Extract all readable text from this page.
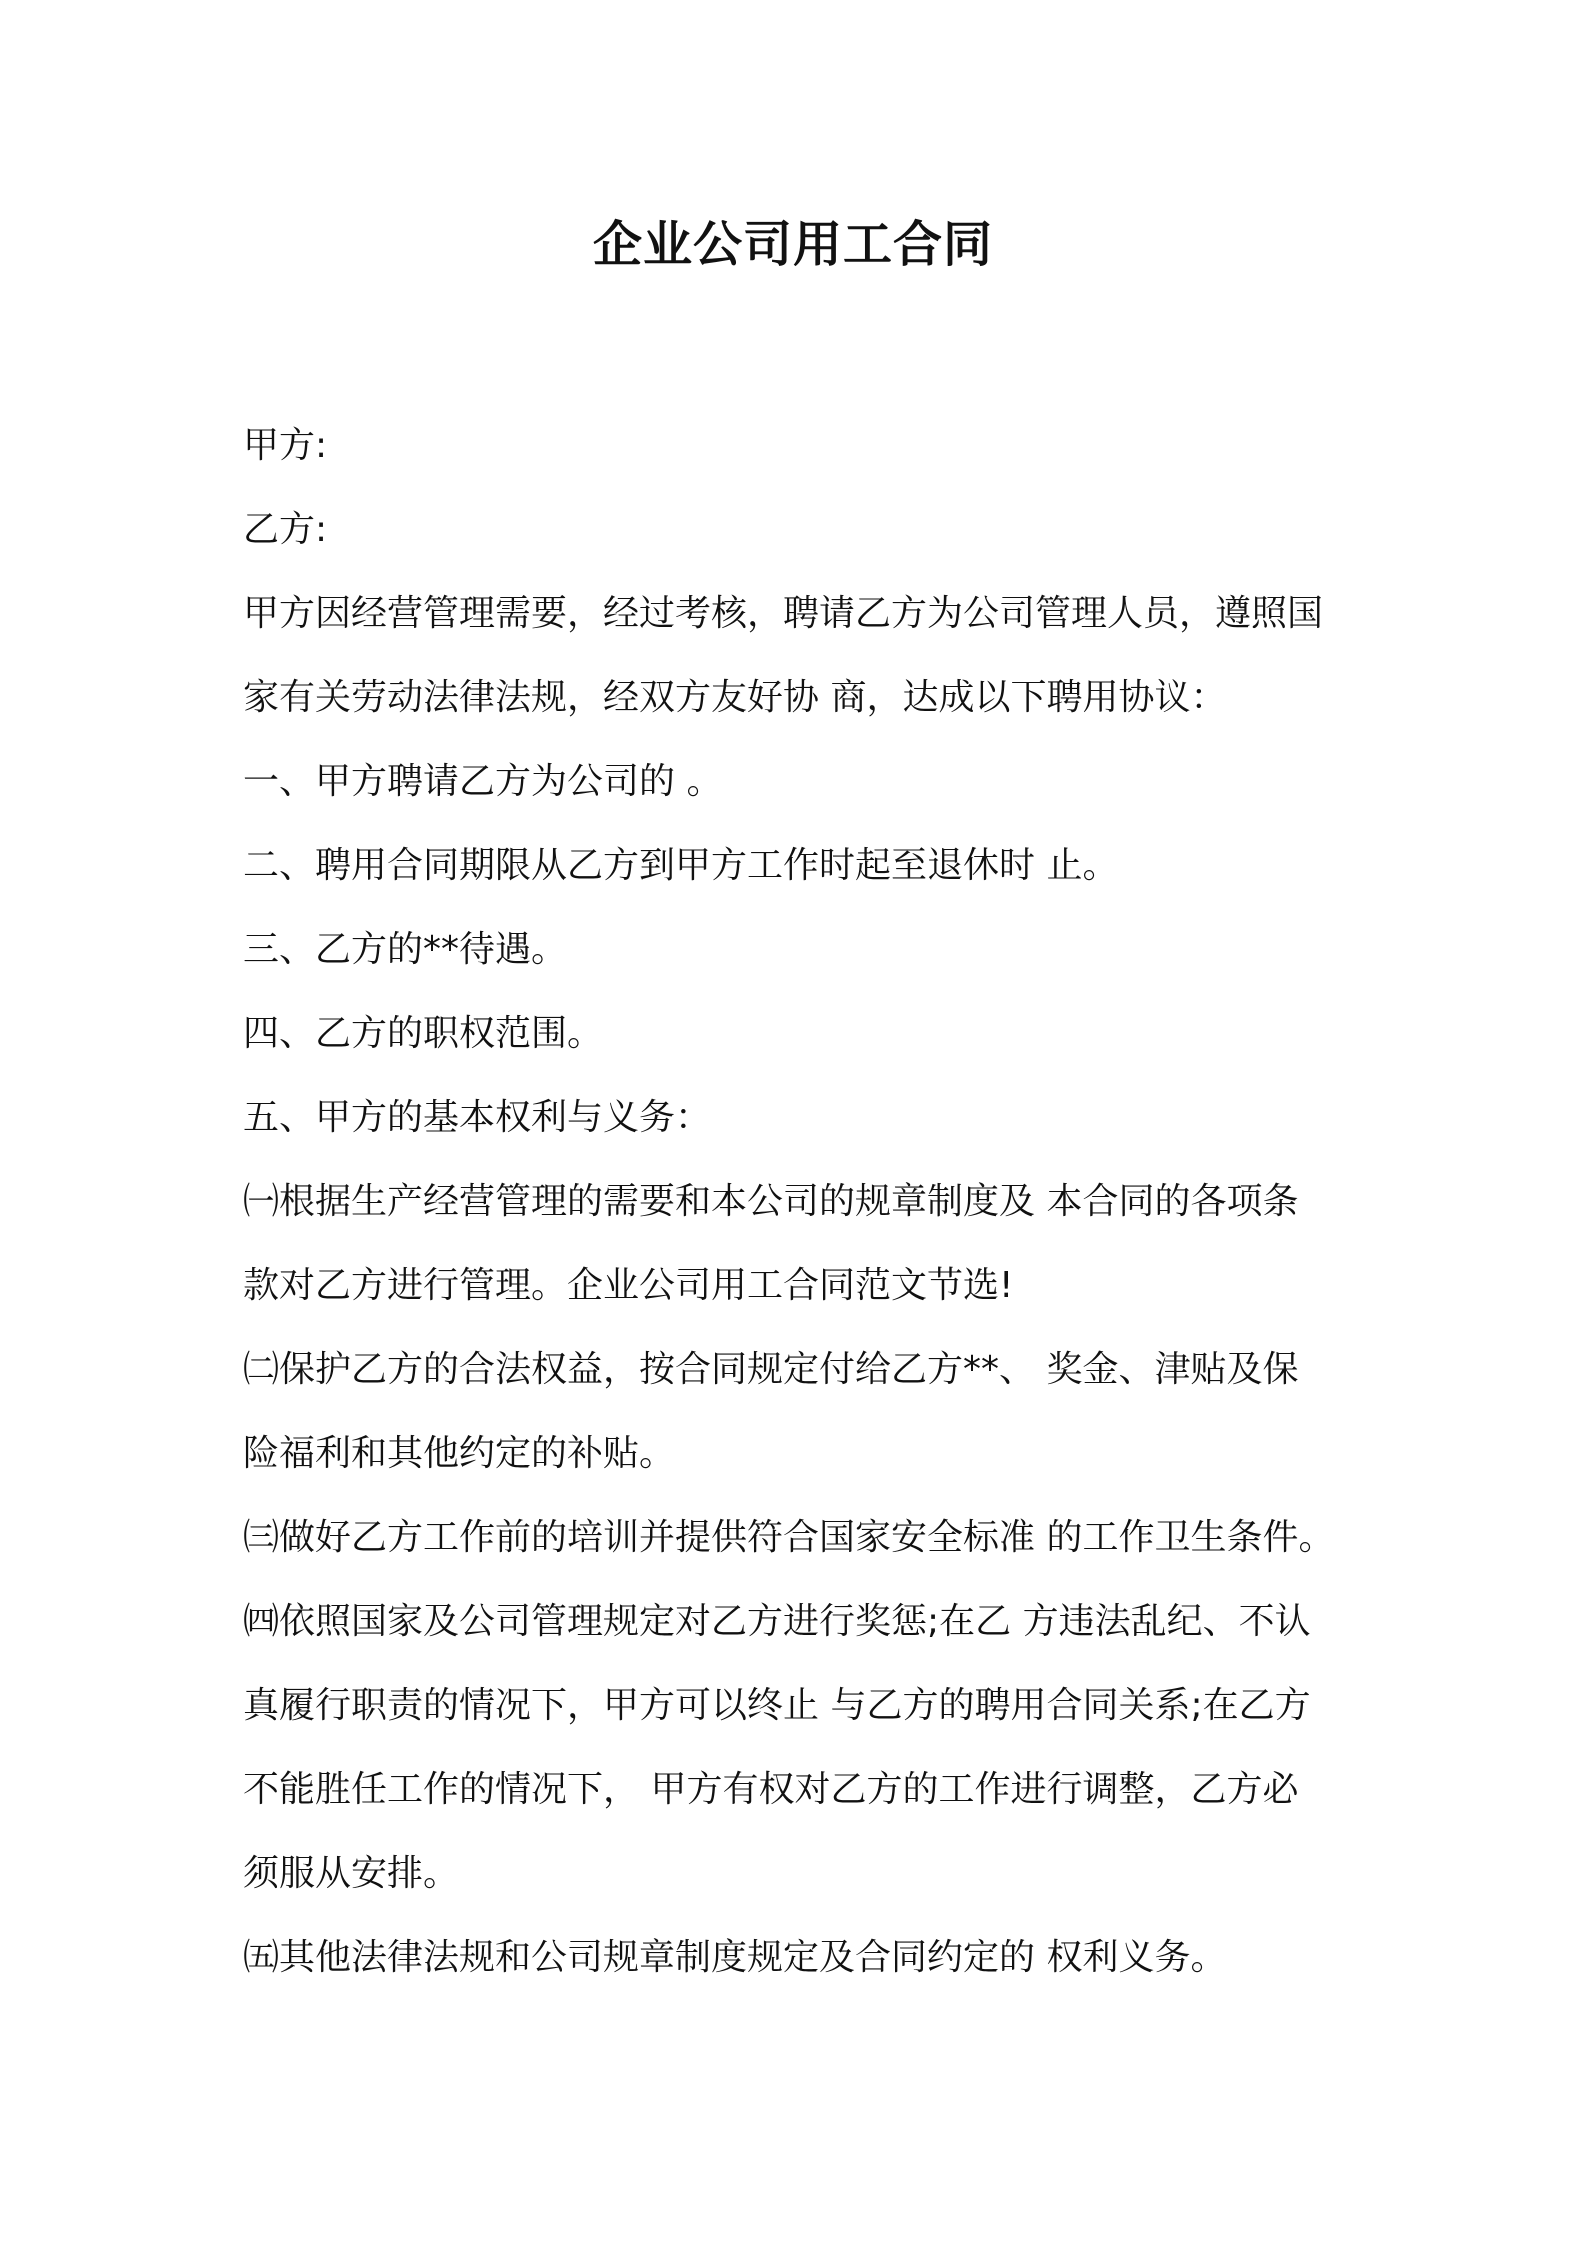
企业公司用工合同

甲方:

乙方:

甲方因经营管理需要，经过考核，聘请乙方为公司管理人员，遵照国

家有关劳动法律法规，经双方友好协 商，达成以下聘用协议：

一、甲方聘请乙方为公司的 。

二、聘用合同期限从乙方到甲方工作时起至退休时 止。

三、乙方的**待遇。

四、乙方的职权范围。

五、甲方的基本权利与义务：

㈠根据生产经营管理的需要和本公司的规章制度及 本合同的各项条

款对乙方进行管理。企业公司用工合同范文节选!

㈡保护乙方的合法权益，按合同规定付给乙方**、 奖金、津贴及保

险福利和其他约定的补贴。

㈢做好乙方工作前的培训并提供符合国家安全标准 的工作卫生条件。

㈣依照国家及公司管理规定对乙方进行奖惩;在乙 方违法乱纪、不认

真履行职责的情况下，甲方可以终止 与乙方的聘用合同关系;在乙方

不能胜任工作的情况下， 甲方有权对乙方的工作进行调整，乙方必

须服从安排。

㈤其他法律法规和公司规章制度规定及合同约定的 权利义务。
